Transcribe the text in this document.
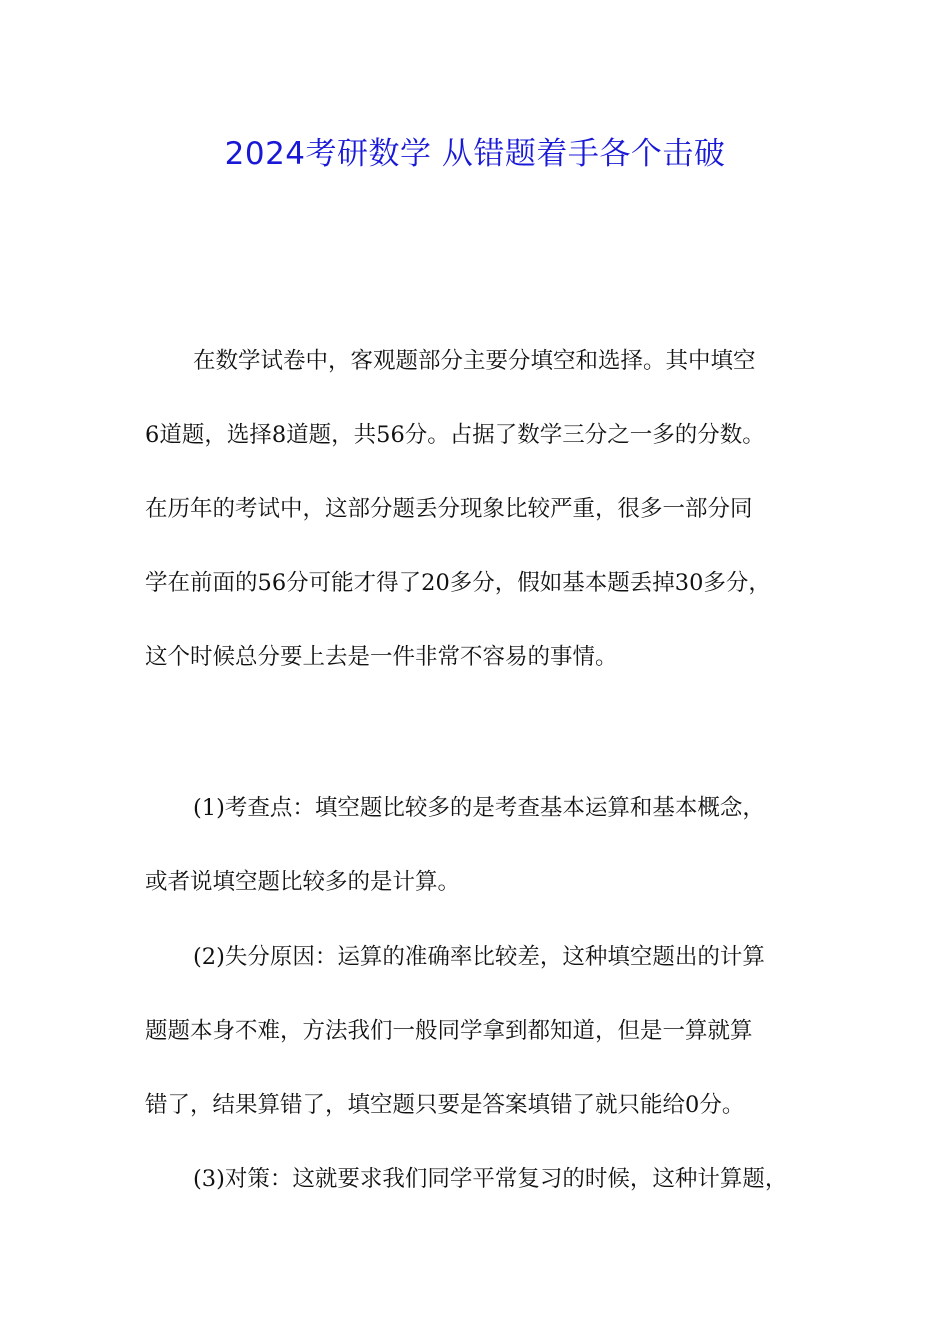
2024考研数学 从错题着手各个击破
在数学试卷中，客观题部分主要分填空和选择。其中填空
6道题，选择8道题，共56分。占据了数学三分之一多的分数。
在历年的考试中，这部分题丢分现象比较严重，很多一部分同
学在前面的56分可能才得了20多分，假如基本题丢掉30多分，
这个时候总分要上去是一件非常不容易的事情。
(1)考查点：填空题比较多的是考查基本运算和基本概念，
或者说填空题比较多的是计算。
(2)失分原因：运算的准确率比较差，这种填空题出的计算
题题本身不难，方法我们一般同学拿到都知道，但是一算就算
错了，结果算错了，填空题只要是答案填错了就只能给0分。
(3)对策：这就要求我们同学平常复习的时候，这种计算题，
